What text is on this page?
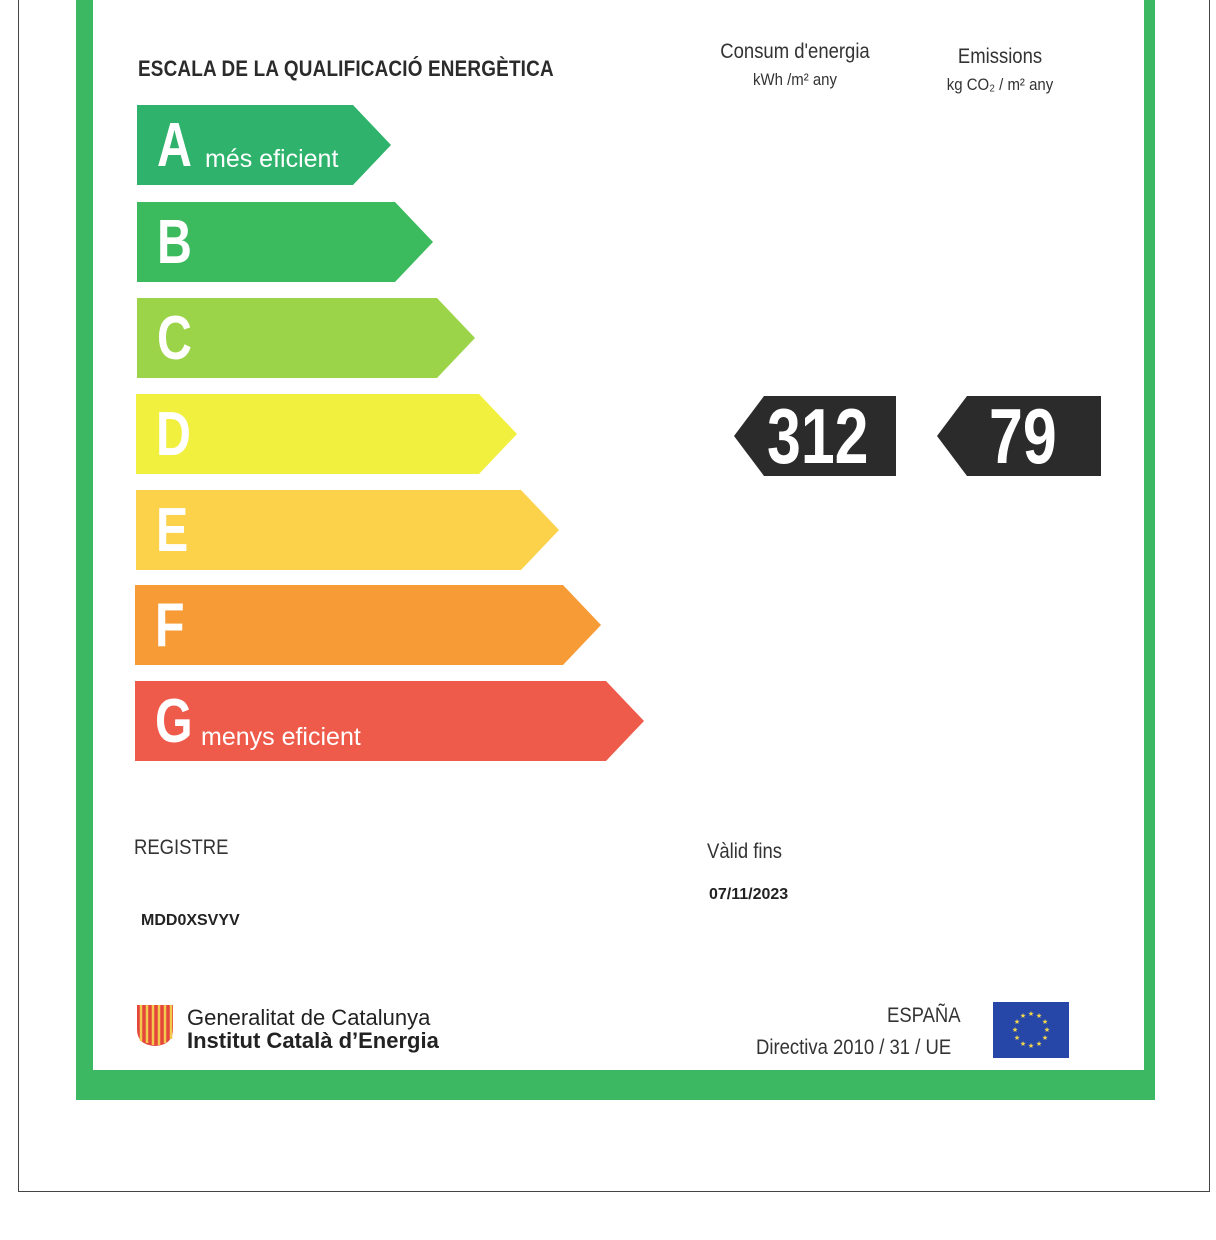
ESCALA DE LA QUALIFICACIÓ ENERGÈTICA
Consum d'energia
kWh /m² any
Emissions
kg CO₂ / m² any
A més eficient
B
C
D
E
F
G menys eficient
312 79
REGISTRE
MDD0XSVYV
Vàlid fins
07/11/2023
Generalitat de Catalunya
Institut Català d’Energia
ESPAÑA
Directiva 2010 / 31 / UE
★ ★
★
★
★
★
★
★
★
★
★
★
